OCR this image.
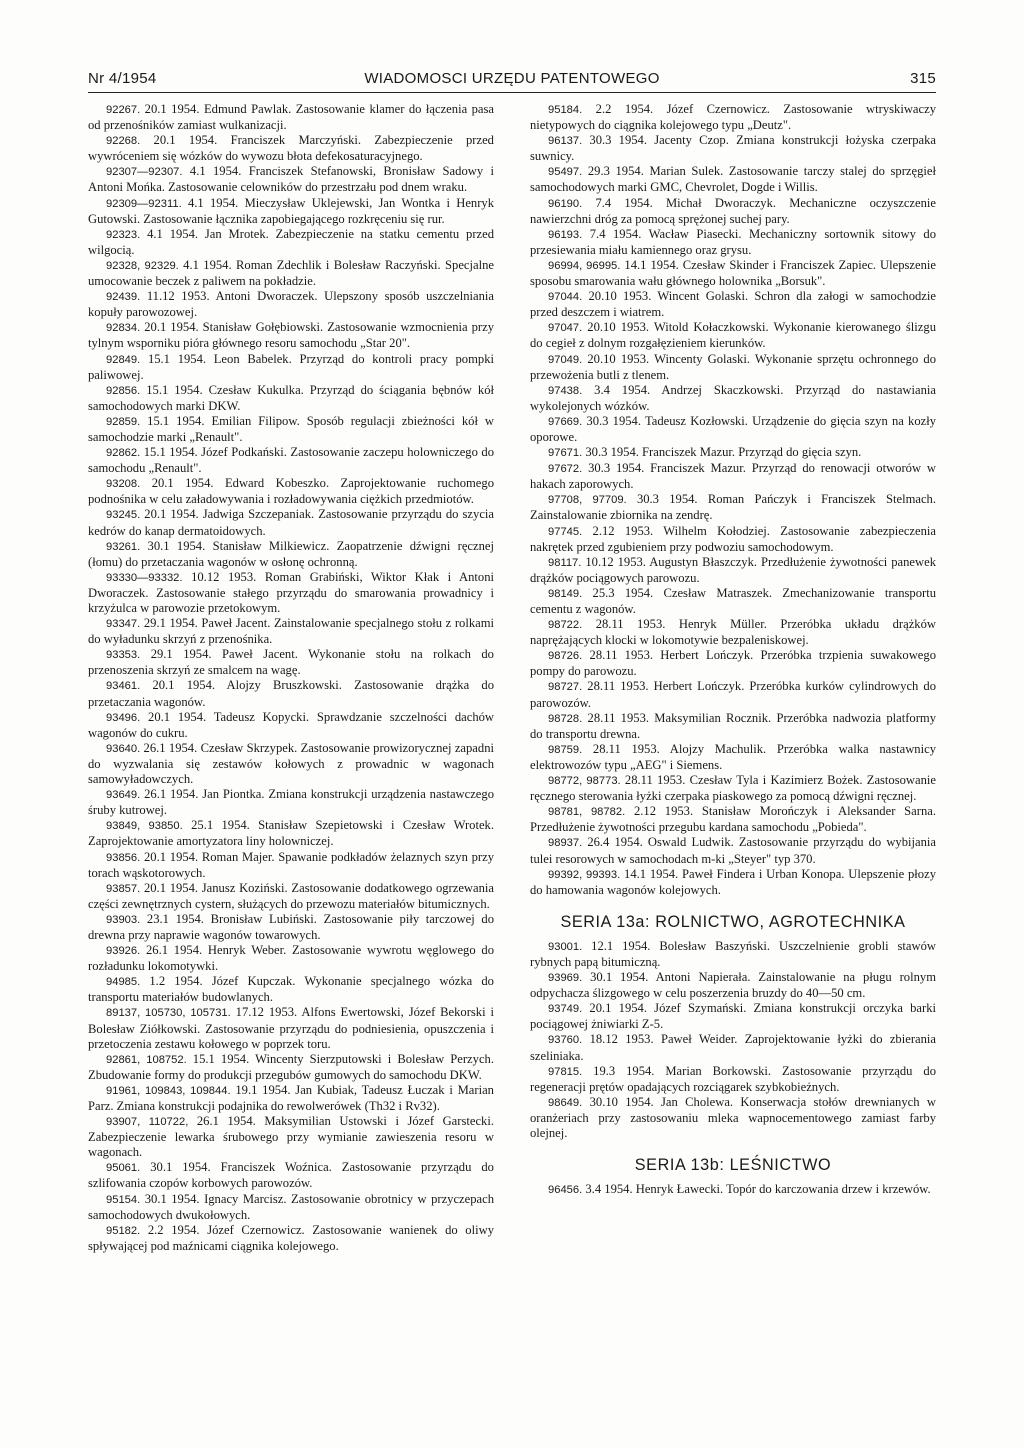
Nr 4/1954	WIADOMOSCI URZĘDU PATENTOWEGO	315

92267. 20.1 1954. Edmund Pawlak. Zastosowanie klamer do łączenia pasa od przenośników zamiast wulkanizacji.

92268. 20.1 1954. Franciszek Marczyński. Zabezpieczenie przed wywróceniem się wózków do wywozu błota defekosaturacyjnego.

92307—92307. 4.1 1954. Franciszek Stefanowski, Bronisław Sadowy i Antoni Mońka. Zastosowanie celowników do przestrzału pod dnem wraku.

92309—92311. 4.1 1954. Mieczysław Uklejewski, Jan Wontka i Henryk Gutowski. Zastosowanie łącznika zapobiegającego rozkręceniu się rur.

92323. 4.1 1954. Jan Mrotek. Zabezpieczenie na statku cementu przed wilgocią.

92328, 92329. 4.1 1954. Roman Zdechlik i Bolesław Raczyński. Specjalne umocowanie beczek z paliwem na pokładzie.

92439. 11.12 1953. Antoni Dworaczek. Ulepszony sposób uszczelniania kopuły parowozowej.

92834. 20.1 1954. Stanisław Gołębiowski. Zastosowanie wzmocnienia przy tylnym wsporniku pióra głównego resoru samochodu „Star 20".

92849. 15.1 1954. Leon Babelek. Przyrząd do kontroli pracy pompki paliwowej.

92856. 15.1 1954. Czesław Kukulka. Przyrząd do ściągania bębnów kół samochodowych marki DKW.

92859. 15.1 1954. Emilian Filipow. Sposób regulacji zbieżności kół w samochodzie marki „Renault".

92862. 15.1 1954. Józef Podkański. Zastosowanie zaczepu holowniczego do samochodu „Renault".

93208. 20.1 1954. Edward Kobeszko. Zaprojektowanie ruchomego podnośnika w celu załadowywania i rozładowywania ciężkich przedmiotów.

93245. 20.1 1954. Jadwiga Szczepaniak. Zastosowanie przyrządu do szycia kedrów do kanap dermatoidowych.

93261. 30.1 1954. Stanisław Milkiewicz. Zaopatrzenie dźwigni ręcznej (łomu) do przetaczania wagonów w osłonę ochronną.

93330—93332. 10.12 1953. Roman Grabiński, Wiktor Kłak i Antoni Dworaczek. Zastosowanie stałego przyrządu do smarowania prowadnicy i krzyżulca w parowozie przetokowym.

93347. 29.1 1954. Paweł Jacent. Zainstalowanie specjalnego stołu z rolkami do wyładunku skrzyń z przenośnika.

93353. 29.1 1954. Paweł Jacent. Wykonanie stołu na rolkach do przenoszenia skrzyń ze smalcem na wagę.

93461. 20.1 1954. Alojzy Bruszkowski. Zastosowanie drążka do przetaczania wagonów.

93496. 20.1 1954. Tadeusz Kopycki. Sprawdzanie szczelności dachów wagonów do cukru.

93640. 26.1 1954. Czesław Skrzypek. Zastosowanie prowizorycznej zapadni do wyzwalania się zestawów kołowych z prowadnic w wagonach samowyładowczych.

93649. 26.1 1954. Jan Piontka. Zmiana konstrukcji urządzenia nastawczego śruby kutrowej.

93849, 93850. 25.1 1954. Stanisław Szepietowski i Czesław Wrotek. Zaprojektowanie amortyzatora liny holowniczej.

93856. 20.1 1954. Roman Majer. Spawanie podkładów żelaznych szyn przy torach wąskotorowych.

93857. 20.1 1954. Janusz Koziński. Zastosowanie dodatkowego ogrzewania części zewnętrznych cystern, służących do przewozu materiałów bitumicznych.

93903. 23.1 1954. Bronisław Lubiński. Zastosowanie piły tarczowej do drewna przy naprawie wagonów towarowych.

93926. 26.1 1954. Henryk Weber. Zastosowanie wywrotu węglowego do rozładunku lokomotywki.

94985. 1.2 1954. Józef Kupczak. Wykonanie specjalnego wózka do transportu materiałów budowlanych.

89137, 105730, 105731. 17.12 1953. Alfons Ewertowski, Józef Bekorski i Bolesław Ziółkowski. Zastosowanie przyrządu do podniesienia, opuszczenia i przetoczenia zestawu kołowego w poprzek toru.

92861, 108752. 15.1 1954. Wincenty Sierzputowski i Bolesław Perzych. Zbudowanie formy do produkcji przegubów gumowych do samochodu DKW.

91961, 109843, 109844. 19.1 1954. Jan Kubiak, Tadeusz Łuczak i Marian Parz. Zmiana konstrukcji podajnika do rewolwerówek (Th32 i Rv32).

93907, 110722, 26.1 1954. Maksymilian Ustowski i Józef Garstecki. Zabezpieczenie lewarka śrubowego przy wymianie zawieszenia resoru w wagonach.

95061. 30.1 1954. Franciszek Woźnica. Zastosowanie przyrządu do szlifowania czopów korbowych parowozów.

95154. 30.1 1954. Ignacy Marcisz. Zastosowanie obrotnicy w przyczepach samochodowych dwukołowych.

95182. 2.2 1954. Józef Czernowicz. Zastosowanie wanienek do oliwy spływającej pod maźnicami ciągnika kolejowego.

95184. 2.2 1954. Józef Czernowicz. Zastosowanie wtryskiwaczy nietypowych do ciągnika kolejowego typu „Deutz".

96137. 30.3 1954. Jacenty Czop. Zmiana konstrukcji łożyska czerpaka suwnicy.

95497. 29.3 1954. Marian Sulek. Zastosowanie tarczy stalej do sprzęgieł samochodowych marki GMC, Chevrolet, Dogde i Willis.

96190. 7.4 1954. Michał Dworaczyk. Mechaniczne oczyszczenie nawierzchni dróg za pomocą sprężonej suchej pary.

96193. 7.4 1954. Wacław Piasecki. Mechaniczny sortownik sitowy do przesiewania miału kamiennego oraz grysu.

96994, 96995. 14.1 1954. Czesław Skinder i Franciszek Zapiec. Ulepszenie sposobu smarowania wału głównego holownika „Borsuk".

97044. 20.10 1953. Wincent Golaski. Schron dla załogi w samochodzie przed deszczem i wiatrem.

97047. 20.10 1953. Witold Kołaczkowski. Wykonanie kierowanego ślizgu do cegieł z dolnym rozgałęzieniem kierunków.

97049. 20.10 1953. Wincenty Golaski. Wykonanie sprzętu ochronnego do przewożenia butli z tlenem.

97438. 3.4 1954. Andrzej Skaczkowski. Przyrząd do nastawiania wykolejonych wózków.

97669. 30.3 1954. Tadeusz Kozłowski. Urządzenie do gięcia szyn na kozły oporowe.

97671. 30.3 1954. Franciszek Mazur. Przyrząd do gięcia szyn.

97672. 30.3 1954. Franciszek Mazur. Przyrząd do renowacji otworów w hakach zaporowych.

97708, 97709. 30.3 1954. Roman Pańczyk i Franciszek Stelmach. Zainstalowanie zbiornika na zendrę.

97745. 2.12 1953. Wilhelm Kołodziej. Zastosowanie zabezpieczenia nakrętek przed zgubieniem przy podwoziu samochodowym.

98117. 10.12 1953. Augustyn Błaszczyk. Przedłużenie żywotności panewek drążków pociągowych parowozu.

98149. 25.3 1954. Czesław Matraszek. Zmechanizowanie transportu cementu z wagonów.

98722. 28.11 1953. Henryk Müller. Przeróbka układu drążków naprężających klocki w lokomotywie bezpaleniskowej.

98726. 28.11 1953. Herbert Lończyk. Przeróbka trzpienia suwakowego pompy do parowozu.

98727. 28.11 1953. Herbert Lończyk. Przeróbka kurków cylindrowych do parowozów.

98728. 28.11 1953. Maksymilian Rocznik. Przeróbka nadwozia platformy do transportu drewna.

98759. 28.11 1953. Alojzy Machulik. Przeróbka walka nastawnicy elektrowozów typu „AEG" i Siemens.

98772, 98773. 28.11 1953. Czesław Tyla i Kazimierz Bożek. Zastosowanie ręcznego sterowania łyżki czerpaka piaskowego za pomocą dźwigni ręcznej.

98781, 98782. 2.12 1953. Stanisław Morończyk i Aleksander Sarna. Przedłużenie żywotności przegubu kardana samochodu „Pobieda".

98937. 26.4 1954. Oswald Ludwik. Zastosowanie przyrządu do wybijania tulei resorowych w samochodach m-ki „Steyer" typ 370.

99392, 99393. 14.1 1954. Paweł Findera i Urban Konopa. Ulepszenie płozy do hamowania wagonów kolejowych.

SERIA 13a: ROLNICTWO, AGROTECHNIKA

93001. 12.1 1954. Bolesław Baszyński. Uszczelnienie grobli stawów rybnych papą bitumiczną.

93969. 30.1 1954. Antoni Napierała. Zainstalowanie na pługu rolnym odpychacza ślizgowego w celu poszerzenia bruzdy do 40—50 cm.

93749. 20.1 1954. Józef Szymański. Zmiana konstrukcji orczyka barki pociągowej żniwiarki Z-5.

93760. 18.12 1953. Paweł Weider. Zaprojektowanie łyżki do zbierania szeliniaka.

97815. 19.3 1954. Marian Borkowski. Zastosowanie przyrządu do regeneracji prętów opadających rozciągarek szybkobieżnych.

98649. 30.10 1954. Jan Cholewa. Konserwacja stołów drewnianych w oranżeriach przy zastosowaniu mleka wapnocementowego zamiast farby olejnej.

SERIA 13b: LEŚNICTWO

96456. 3.4 1954. Henryk Ławecki. Topór do karczowania drzew i krzewów.
